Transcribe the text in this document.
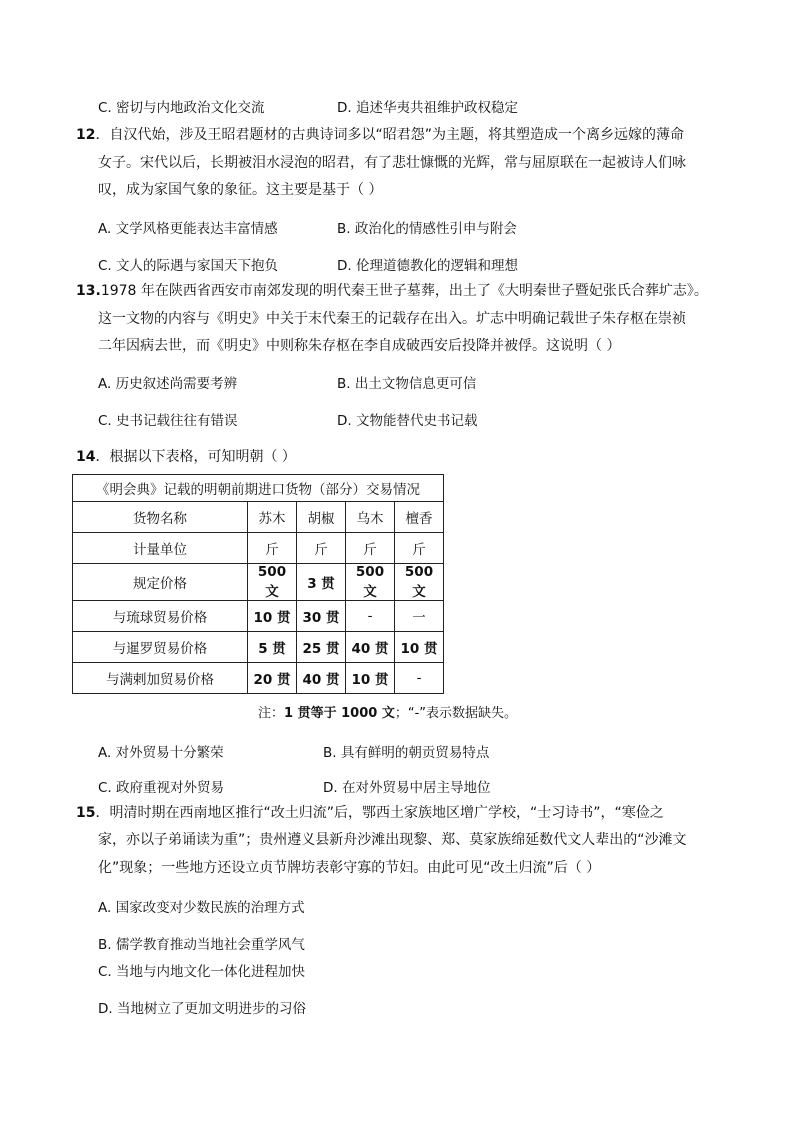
C. 密切与内地政治文化交流	D. 追述华夷共祖维护政权稳定
12．自汉代始，涉及王昭君题材的古典诗词多以“昭君怨”为主题，将其塑造成一个离乡远嫁的薄命
女子。宋代以后，长期被泪水浸泡的昭君，有了悲壮慷慨的光辉，常与屈原联在一起被诗人们咏
叹，成为家国气象的象征。这主要是基于（ ）
A. 文学风格更能表达丰富情感	B. 政治化的情感性引申与附会
C. 文人的际遇与家国天下抱负	D. 伦理道德教化的逻辑和理想
13.1978 年在陕西省西安市南郊发现的明代秦王世子墓葬，出土了《大明秦世子暨妃张氏合葬圹志》。
这一文物的内容与《明史》中关于末代秦王的记载存在出入。圹志中明确记载世子朱存枢在崇祯
二年因病去世，而《明史》中则称朱存枢在李自成破西安后投降并被俘。这说明（ ）
A. 历史叙述尚需要考辨	B. 出土文物信息更可信
C. 史书记载往往有错误	D. 文物能替代史书记载
14．根据以下表格，可知明朝（ ）
《明会典》记载的明朝前期进口货物（部分）交易情况				
货物名称	苏木	胡椒	乌木	檀香
计量单位	斤	斤	斤	斤
规定价格	500 文	3 贯	500 文	500 文
与琉球贸易价格	10 贯	30 贯	-	一
与暹罗贸易价格	5 贯	25 贯	40 贯	10 贯
与满剌加贸易价格	20 贯	40 贯	10 贯	-
注：1 贯等于 1000 文；“-”表示数据缺失。
A. 对外贸易十分繁荣	B. 具有鲜明的朝贡贸易特点
C. 政府重视对外贸易	D. 在对外贸易中居主导地位
15．明清时期在西南地区推行“改土归流”后，鄂西土家族地区增广学校，“士习诗书”，“寒俭之
家，亦以子弟诵读为重”；贵州遵义县新舟沙滩出现黎、郑、莫家族绵延数代文人辈出的“沙滩文
化”现象；一些地方还设立贞节牌坊表彰守寡的节妇。由此可见“改土归流”后（ ）
A. 国家改变对少数民族的治理方式
B. 儒学教育推动当地社会重学风气
C. 当地与内地文化一体化进程加快
D. 当地树立了更加文明进步的习俗
